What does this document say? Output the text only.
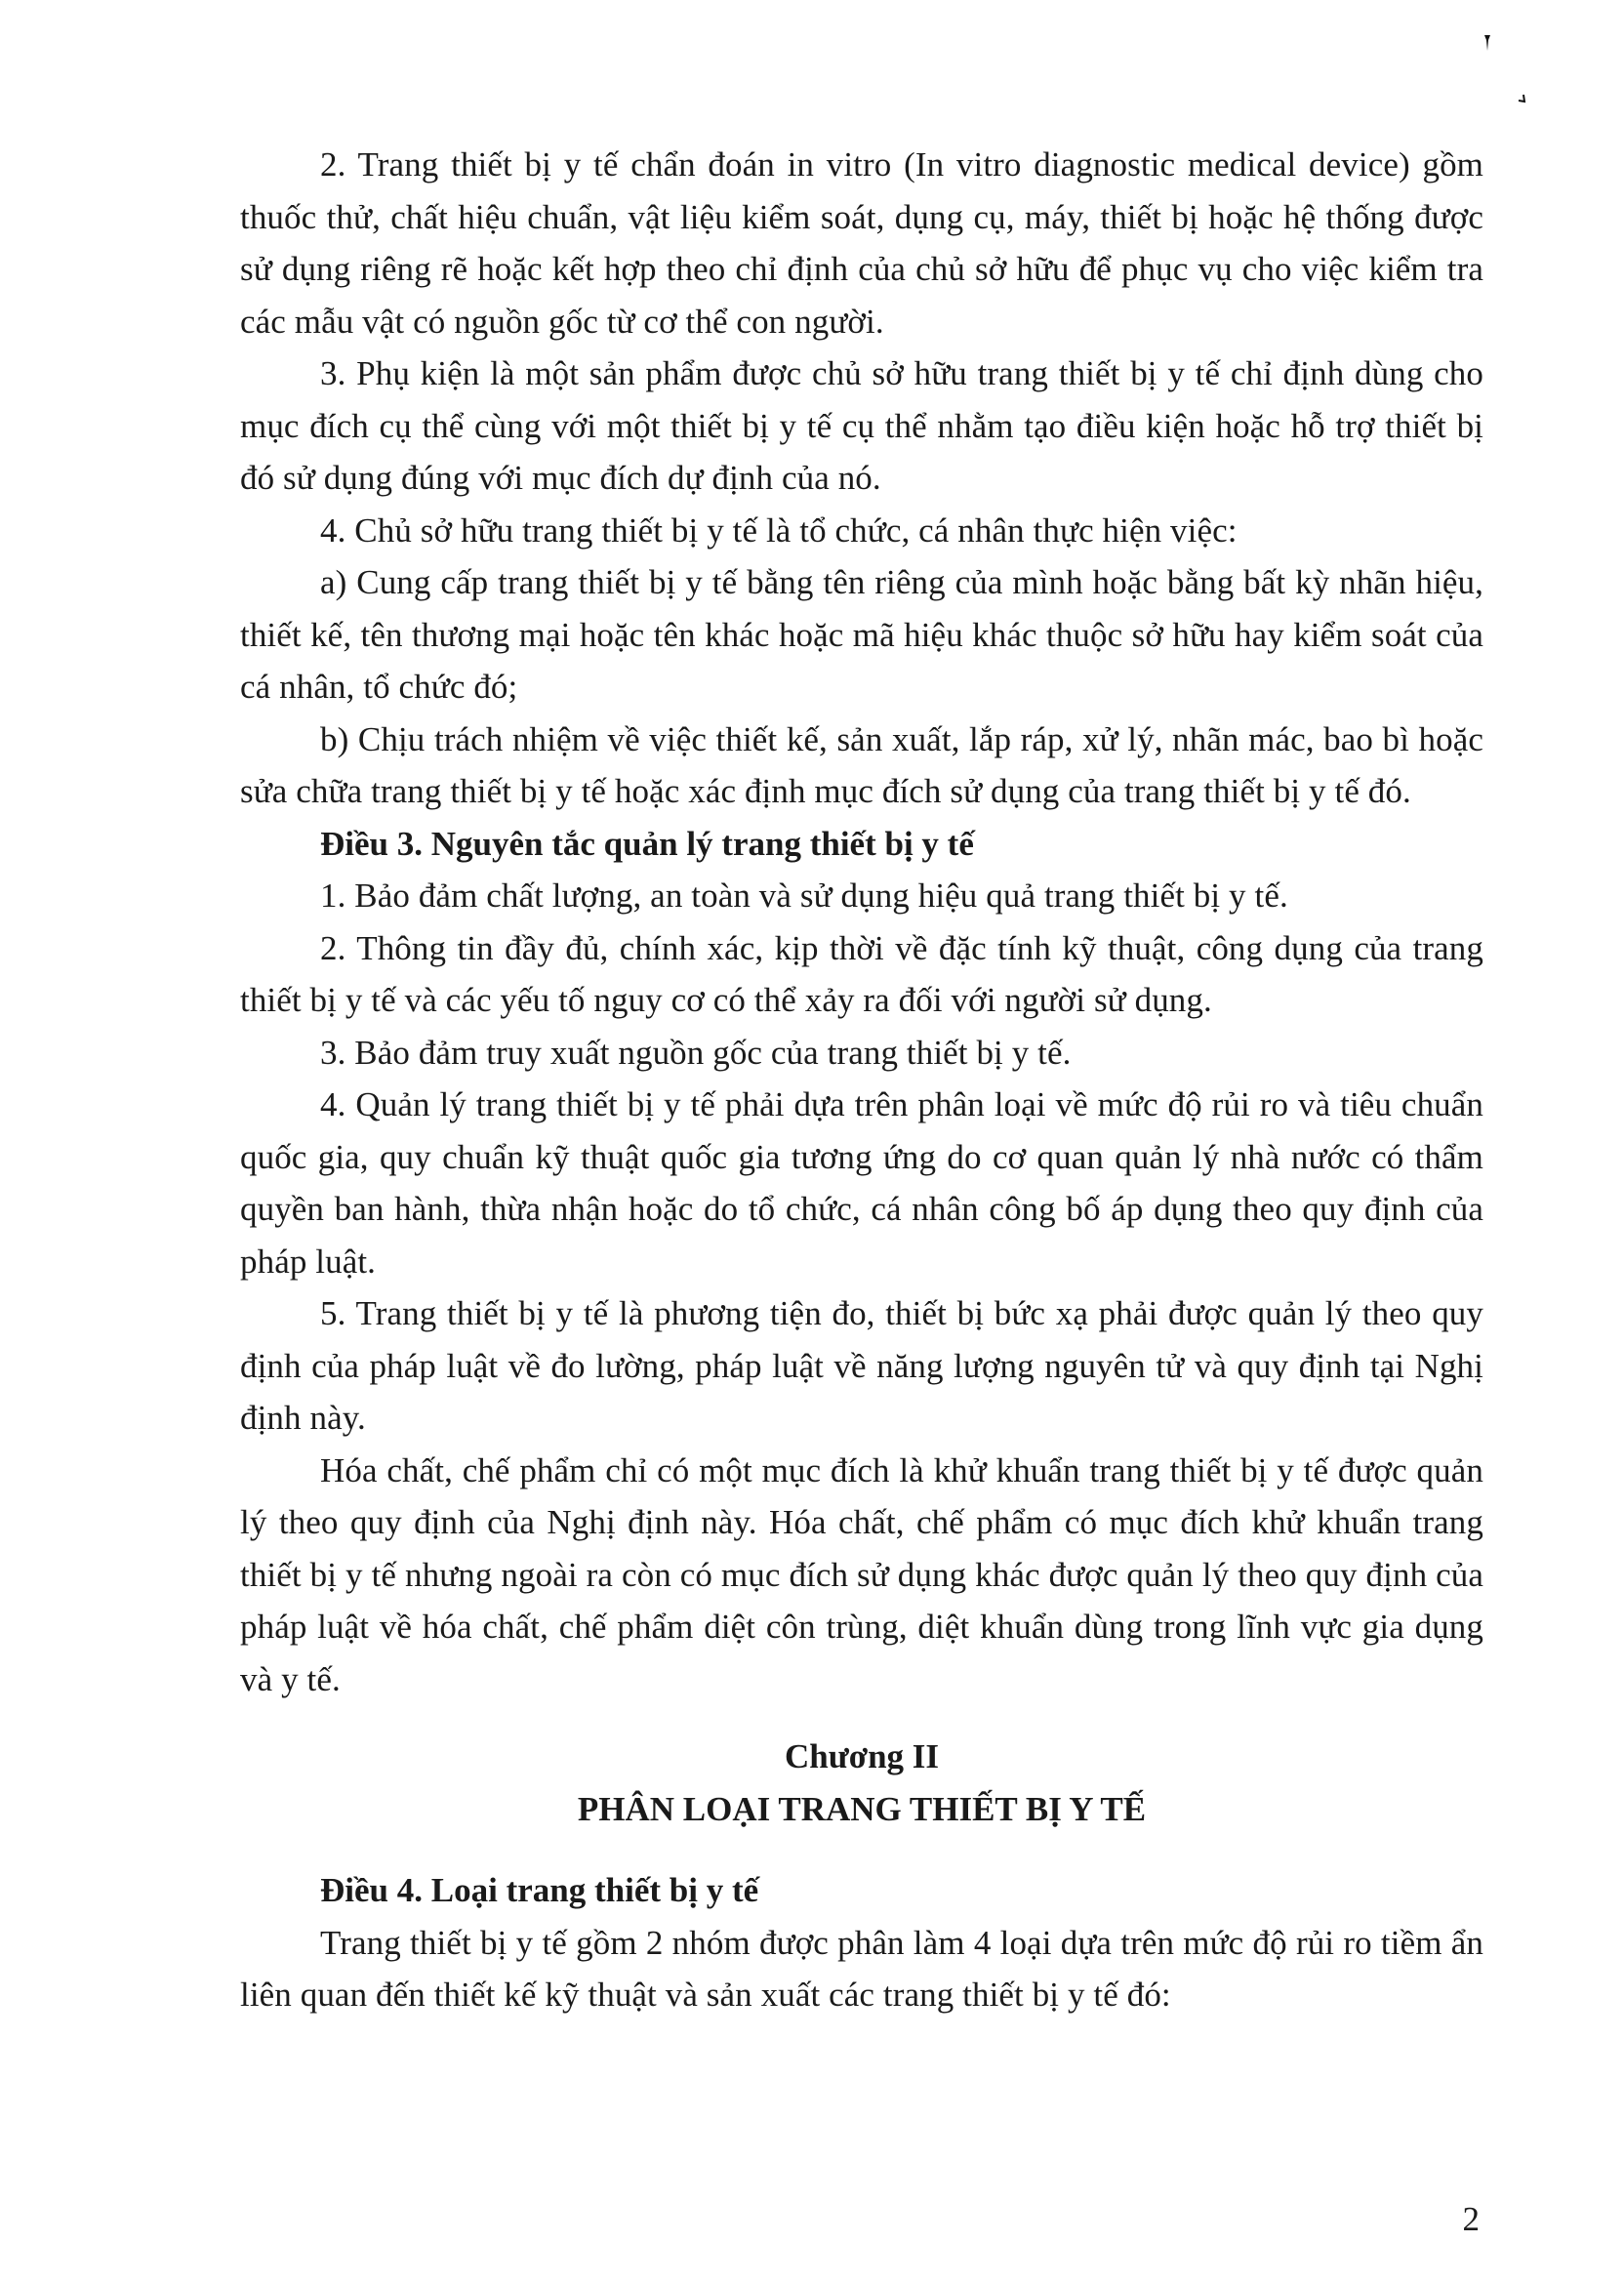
2. Trang thiết bị y tế chẩn đoán in vitro (In vitro diagnostic medical device) gồm thuốc thử, chất hiệu chuẩn, vật liệu kiểm soát, dụng cụ, máy, thiết bị hoặc hệ thống được sử dụng riêng rẽ hoặc kết hợp theo chỉ định của chủ sở hữu để phục vụ cho việc kiểm tra các mẫu vật có nguồn gốc từ cơ thể con người.

3. Phụ kiện là một sản phẩm được chủ sở hữu trang thiết bị y tế chỉ định dùng cho mục đích cụ thể cùng với một thiết bị y tế cụ thể nhằm tạo điều kiện hoặc hỗ trợ thiết bị đó sử dụng đúng với mục đích dự định của nó.

4. Chủ sở hữu trang thiết bị y tế là tổ chức, cá nhân thực hiện việc:

a) Cung cấp trang thiết bị y tế bằng tên riêng của mình hoặc bằng bất kỳ nhãn hiệu, thiết kế, tên thương mại hoặc tên khác hoặc mã hiệu khác thuộc sở hữu hay kiểm soát của cá nhân, tổ chức đó;

b) Chịu trách nhiệm về việc thiết kế, sản xuất, lắp ráp, xử lý, nhãn mác, bao bì hoặc sửa chữa trang thiết bị y tế hoặc xác định mục đích sử dụng của trang thiết bị y tế đó.

Điều 3. Nguyên tắc quản lý trang thiết bị y tế

1. Bảo đảm chất lượng, an toàn và sử dụng hiệu quả trang thiết bị y tế.

2. Thông tin đầy đủ, chính xác, kịp thời về đặc tính kỹ thuật, công dụng của trang thiết bị y tế và các yếu tố nguy cơ có thể xảy ra đối với người sử dụng.

3. Bảo đảm truy xuất nguồn gốc của trang thiết bị y tế.

4. Quản lý trang thiết bị y tế phải dựa trên phân loại về mức độ rủi ro và tiêu chuẩn quốc gia, quy chuẩn kỹ thuật quốc gia tương ứng do cơ quan quản lý nhà nước có thẩm quyền ban hành, thừa nhận hoặc do tổ chức, cá nhân công bố áp dụng theo quy định của pháp luật.

5. Trang thiết bị y tế là phương tiện đo, thiết bị bức xạ phải được quản lý theo quy định của pháp luật về đo lường, pháp luật về năng lượng nguyên tử và quy định tại Nghị định này.

Hóa chất, chế phẩm chỉ có một mục đích là khử khuẩn trang thiết bị y tế được quản lý theo quy định của Nghị định này. Hóa chất, chế phẩm có mục đích khử khuẩn trang thiết bị y tế nhưng ngoài ra còn có mục đích sử dụng khác được quản lý theo quy định của pháp luật về hóa chất, chế phẩm diệt côn trùng, diệt khuẩn dùng trong lĩnh vực gia dụng và y tế.

Chương II

PHÂN LOẠI TRANG THIẾT BỊ Y TẾ

Điều 4. Loại trang thiết bị y tế

Trang thiết bị y tế gồm 2 nhóm được phân làm 4 loại dựa trên mức độ rủi ro tiềm ẩn liên quan đến thiết kế kỹ thuật và sản xuất các trang thiết bị y tế đó:

2
